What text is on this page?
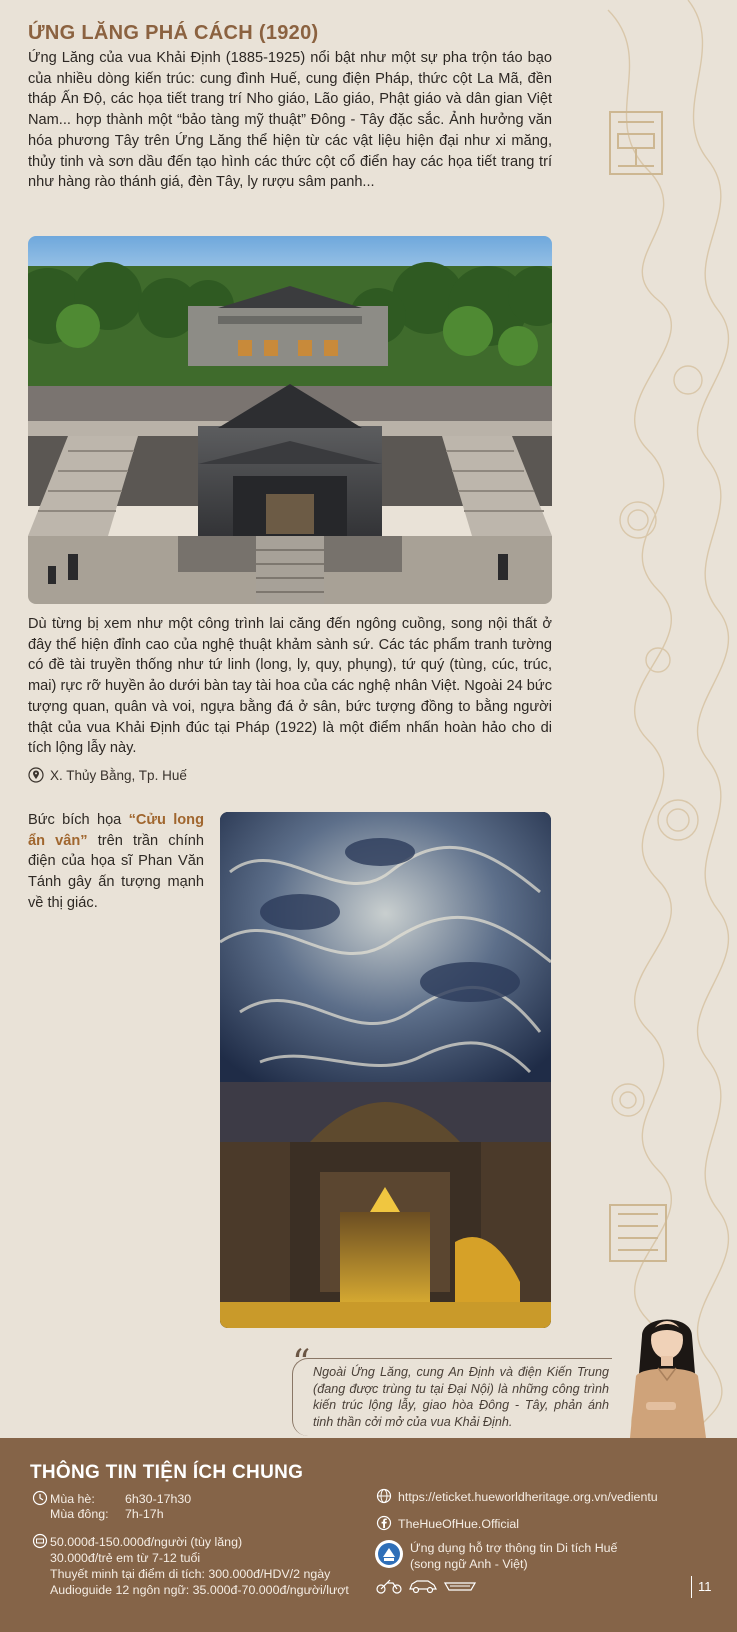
ỨNG LĂNG PHÁ CÁCH (1920)

Ứng Lăng của vua Khải Định (1885-1925) nổi bật như một sự pha trộn táo bạo của nhiều dòng kiến trúc: cung đình Huế, cung điện Pháp, thức cột La Mã, đền tháp Ấn Độ, các họa tiết trang trí Nho giáo, Lão giáo, Phật giáo và dân gian Việt Nam... hợp thành một “bảo tàng mỹ thuật” Đông - Tây đặc sắc. Ảnh hưởng văn hóa phương Tây trên Ứng Lăng thể hiện từ các vật liệu hiện đại như xi măng, thủy tinh và sơn dầu đến tạo hình các thức cột cổ điển hay các họa tiết trang trí như hàng rào thánh giá, đèn Tây, ly rượu sâm panh...

Dù từng bị xem như một công trình lai căng đến ngông cuồng, song nội thất ở đây thể hiện đỉnh cao của nghệ thuật khảm sành sứ. Các tác phẩm tranh tường có đề tài truyền thống như tứ linh (long, ly, quy, phụng), tứ quý (tùng, cúc, trúc, mai) rực rỡ huyền ảo dưới bàn tay tài hoa của các nghệ nhân Việt. Ngoài 24 bức tượng quan, quân và voi, ngựa bằng đá ở sân, bức tượng đồng to bằng người thật của vua Khải Định đúc tại Pháp (1922) là một điểm nhấn hoàn hảo cho di tích lộng lẫy này.

X. Thủy Bằng, Tp. Huế

Bức bích họa “Cửu long ẩn vân” trên trần chính điện của họa sĩ Phan Văn Tánh gây ấn tượng mạnh về thị giác.

“ Ngoài Ứng Lăng, cung An Định và điện Kiến Trung (đang được trùng tu tại Đại Nội) là những công trình kiến trúc lộng lẫy, giao hòa Đông - Tây, phản ánh tinh thần cởi mở của vua Khải Định.

THÔNG TIN TIỆN ÍCH CHUNG
Mùa hè: 6h30-17h30
Mùa đông: 7h-17h
50.000đ-150.000đ/người (tùy lăng)
30.000đ/trẻ em từ 7-12 tuổi
Thuyết minh tại điểm di tích: 300.000đ/HDV/2 ngày
Audioguide 12 ngôn ngữ: 35.000đ-70.000đ/người/lượt
https://eticket.hueworldheritage.org.vn/vedientu
TheHueOfHue.Official
Ứng dụng hỗ trợ thông tin Di tích Huế
(song ngữ Anh - Việt)
11
